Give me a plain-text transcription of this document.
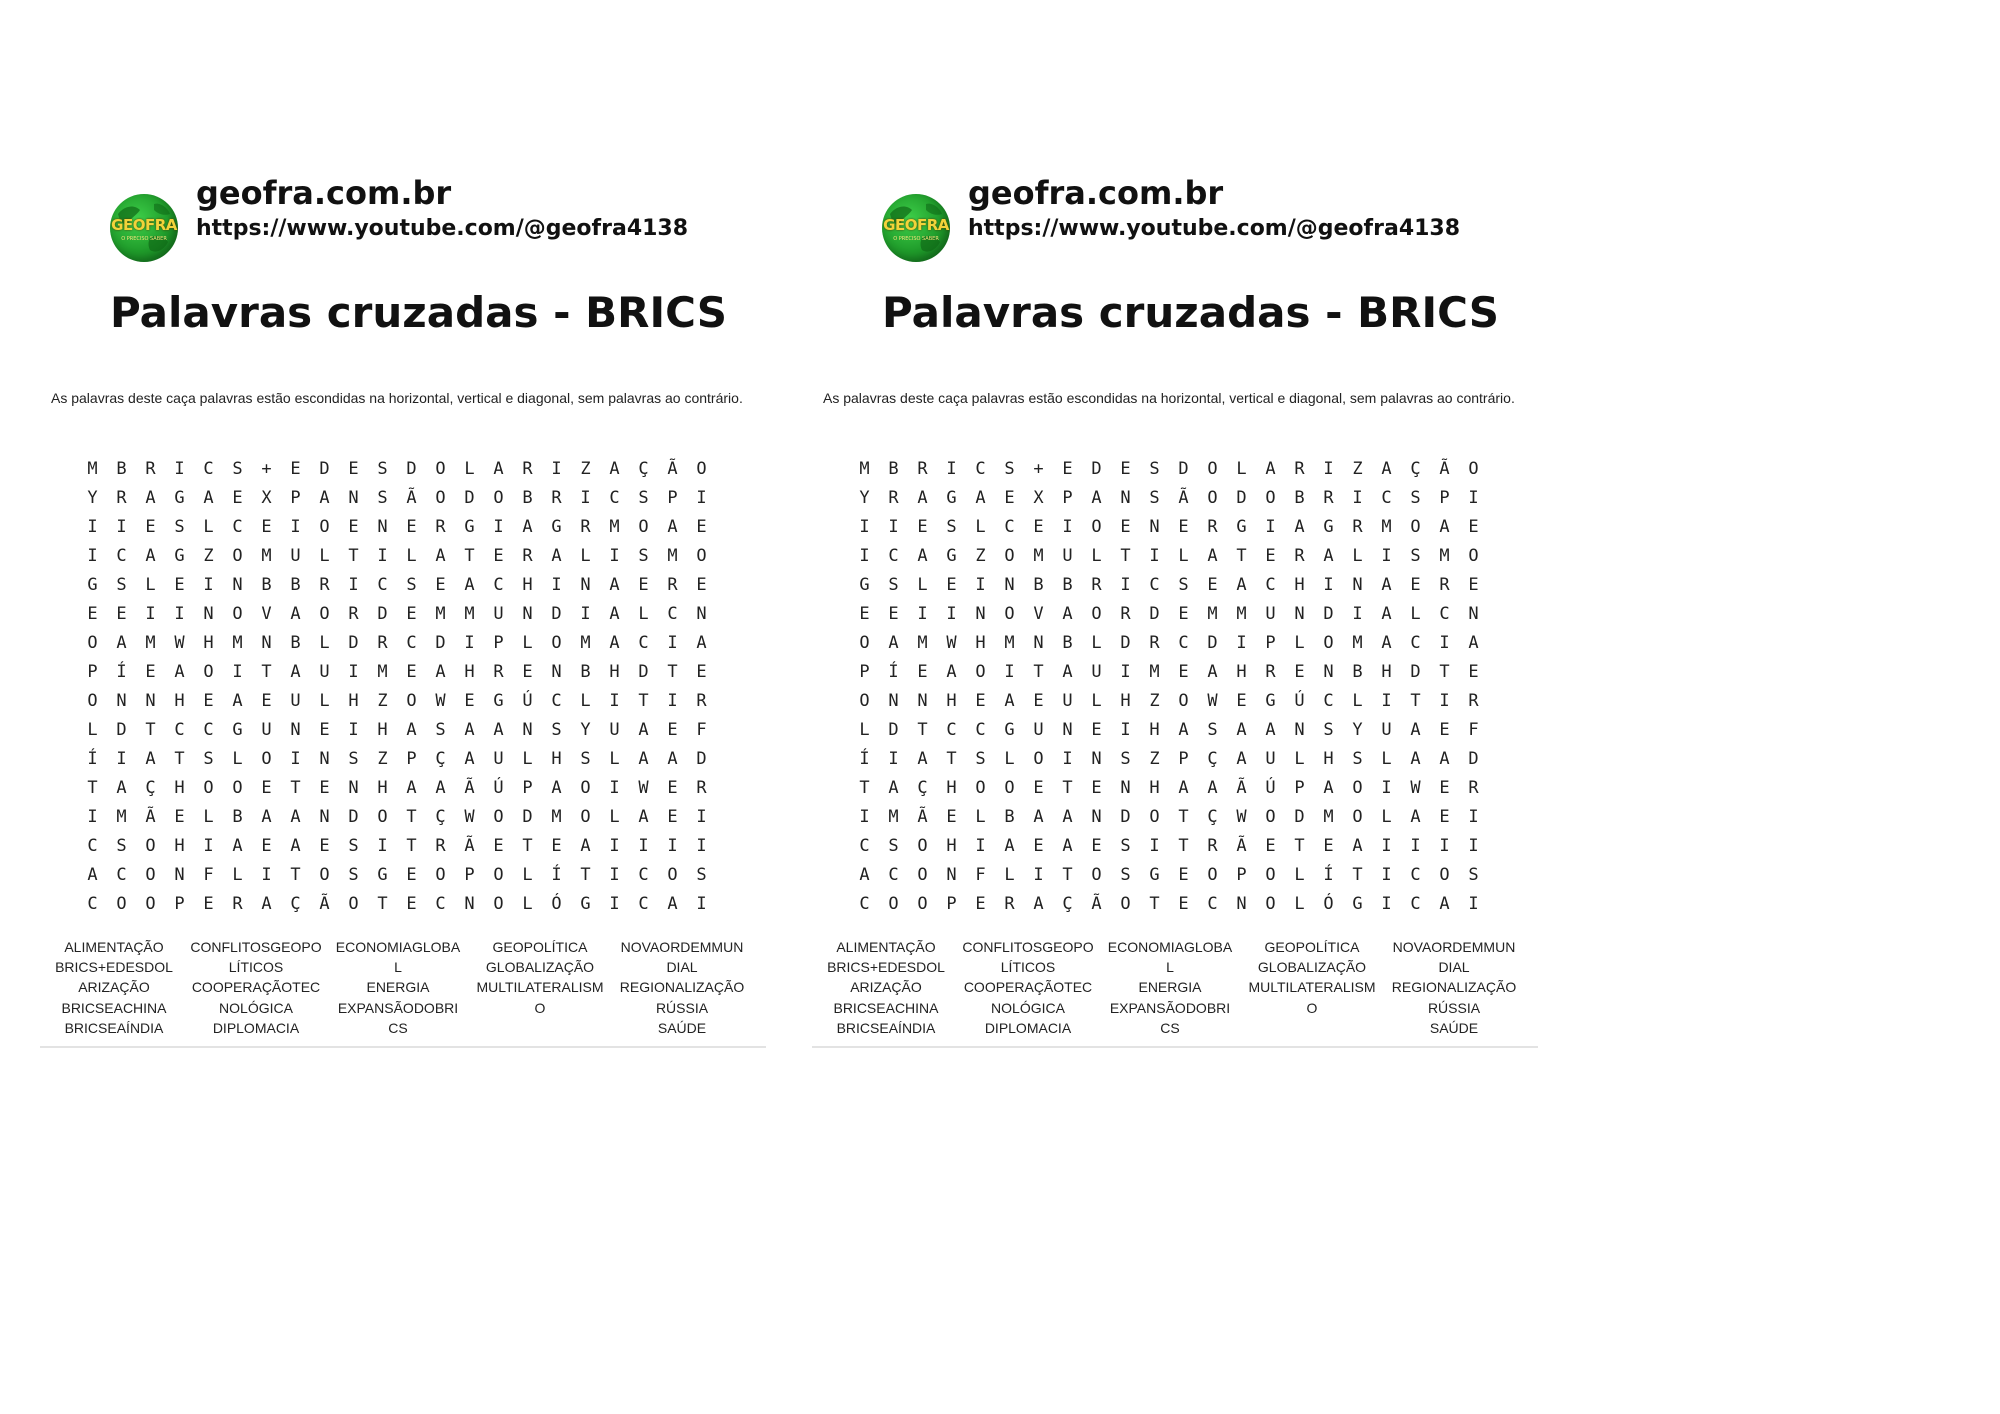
GEOFRA
O PRECISO SABER
geofra.com.br
https://www.youtube.com/@geofra4138
Palavras cruzadas - BRICS
As palavras deste caça palavras estão escondidas na horizontal, vertical e diagonal, sem palavras ao contrário.
M	B	R	I	C	S	+	E	D	E	S	D	O	L	A	R	I	Z	A	Ç	Ã	O
Y	R	A	G	A	E	X	P	A	N	S	Ã	O	D	O	B	R	I	C	S	P	I
I	I	E	S	L	C	E	I	O	E	N	E	R	G	I	A	G	R	M	O	A	E
I	C	A	G	Z	O	M	U	L	T	I	L	A	T	E	R	A	L	I	S	M	O
G	S	L	E	I	N	B	B	R	I	C	S	E	A	C	H	I	N	A	E	R	E
E	E	I	I	N	O	V	A	O	R	D	E	M	M	U	N	D	I	A	L	C	N
O	A	M	W	H	M	N	B	L	D	R	C	D	I	P	L	O	M	A	C	I	A
P	Í	E	A	O	I	T	A	U	I	M	E	A	H	R	E	N	B	H	D	T	E
O	N	N	H	E	A	E	U	L	H	Z	O	W	E	G	Ú	C	L	I	T	I	R
L	D	T	C	C	G	U	N	E	I	H	A	S	A	A	N	S	Y	U	A	E	F
Í	I	A	T	S	L	O	I	N	S	Z	P	Ç	A	U	L	H	S	L	A	A	D
T	A	Ç	H	O	O	E	T	E	N	H	A	A	Ã	Ú	P	A	O	I	W	E	R
I	M	Ã	E	L	B	A	A	N	D	O	T	Ç	W	O	D	M	O	L	A	E	I
C	S	O	H	I	A	E	A	E	S	I	T	R	Ã	E	T	E	A	I	I	I	I
A	C	O	N	F	L	I	T	O	S	G	E	O	P	O	L	Í	T	I	C	O	S
C	O	O	P	E	R	A	Ç	Ã	O	T	E	C	N	O	L	Ó	G	I	C	A	I
ALIMENTAÇÃO
BRICS+EDESDOL
ARIZAÇÃO
BRICSEACHINA
BRICSEAÍNDIA
CONFLITOSGEOPO
LÍTICOS
COOPERAÇÃOTEC
NOLÓGICA
DIPLOMACIA
ECONOMIAGLOBA
L
ENERGIA
EXPANSÃODOBRI
CS
GEOPOLÍTICA
GLOBALIZAÇÃO
MULTILATERALISM
O
NOVAORDEMMUN
DIAL
REGIONALIZAÇÃO
RÚSSIA
SAÚDE
GEOFRA
O PRECISO SABER
geofra.com.br
https://www.youtube.com/@geofra4138
Palavras cruzadas - BRICS
As palavras deste caça palavras estão escondidas na horizontal, vertical e diagonal, sem palavras ao contrário.
M	B	R	I	C	S	+	E	D	E	S	D	O	L	A	R	I	Z	A	Ç	Ã	O
Y	R	A	G	A	E	X	P	A	N	S	Ã	O	D	O	B	R	I	C	S	P	I
I	I	E	S	L	C	E	I	O	E	N	E	R	G	I	A	G	R	M	O	A	E
I	C	A	G	Z	O	M	U	L	T	I	L	A	T	E	R	A	L	I	S	M	O
G	S	L	E	I	N	B	B	R	I	C	S	E	A	C	H	I	N	A	E	R	E
E	E	I	I	N	O	V	A	O	R	D	E	M	M	U	N	D	I	A	L	C	N
O	A	M	W	H	M	N	B	L	D	R	C	D	I	P	L	O	M	A	C	I	A
P	Í	E	A	O	I	T	A	U	I	M	E	A	H	R	E	N	B	H	D	T	E
O	N	N	H	E	A	E	U	L	H	Z	O	W	E	G	Ú	C	L	I	T	I	R
L	D	T	C	C	G	U	N	E	I	H	A	S	A	A	N	S	Y	U	A	E	F
Í	I	A	T	S	L	O	I	N	S	Z	P	Ç	A	U	L	H	S	L	A	A	D
T	A	Ç	H	O	O	E	T	E	N	H	A	A	Ã	Ú	P	A	O	I	W	E	R
I	M	Ã	E	L	B	A	A	N	D	O	T	Ç	W	O	D	M	O	L	A	E	I
C	S	O	H	I	A	E	A	E	S	I	T	R	Ã	E	T	E	A	I	I	I	I
A	C	O	N	F	L	I	T	O	S	G	E	O	P	O	L	Í	T	I	C	O	S
C	O	O	P	E	R	A	Ç	Ã	O	T	E	C	N	O	L	Ó	G	I	C	A	I
ALIMENTAÇÃO
BRICS+EDESDOL
ARIZAÇÃO
BRICSEACHINA
BRICSEAÍNDIA
CONFLITOSGEOPO
LÍTICOS
COOPERAÇÃOTEC
NOLÓGICA
DIPLOMACIA
ECONOMIAGLOBA
L
ENERGIA
EXPANSÃODOBRI
CS
GEOPOLÍTICA
GLOBALIZAÇÃO
MULTILATERALISM
O
NOVAORDEMMUN
DIAL
REGIONALIZAÇÃO
RÚSSIA
SAÚDE
